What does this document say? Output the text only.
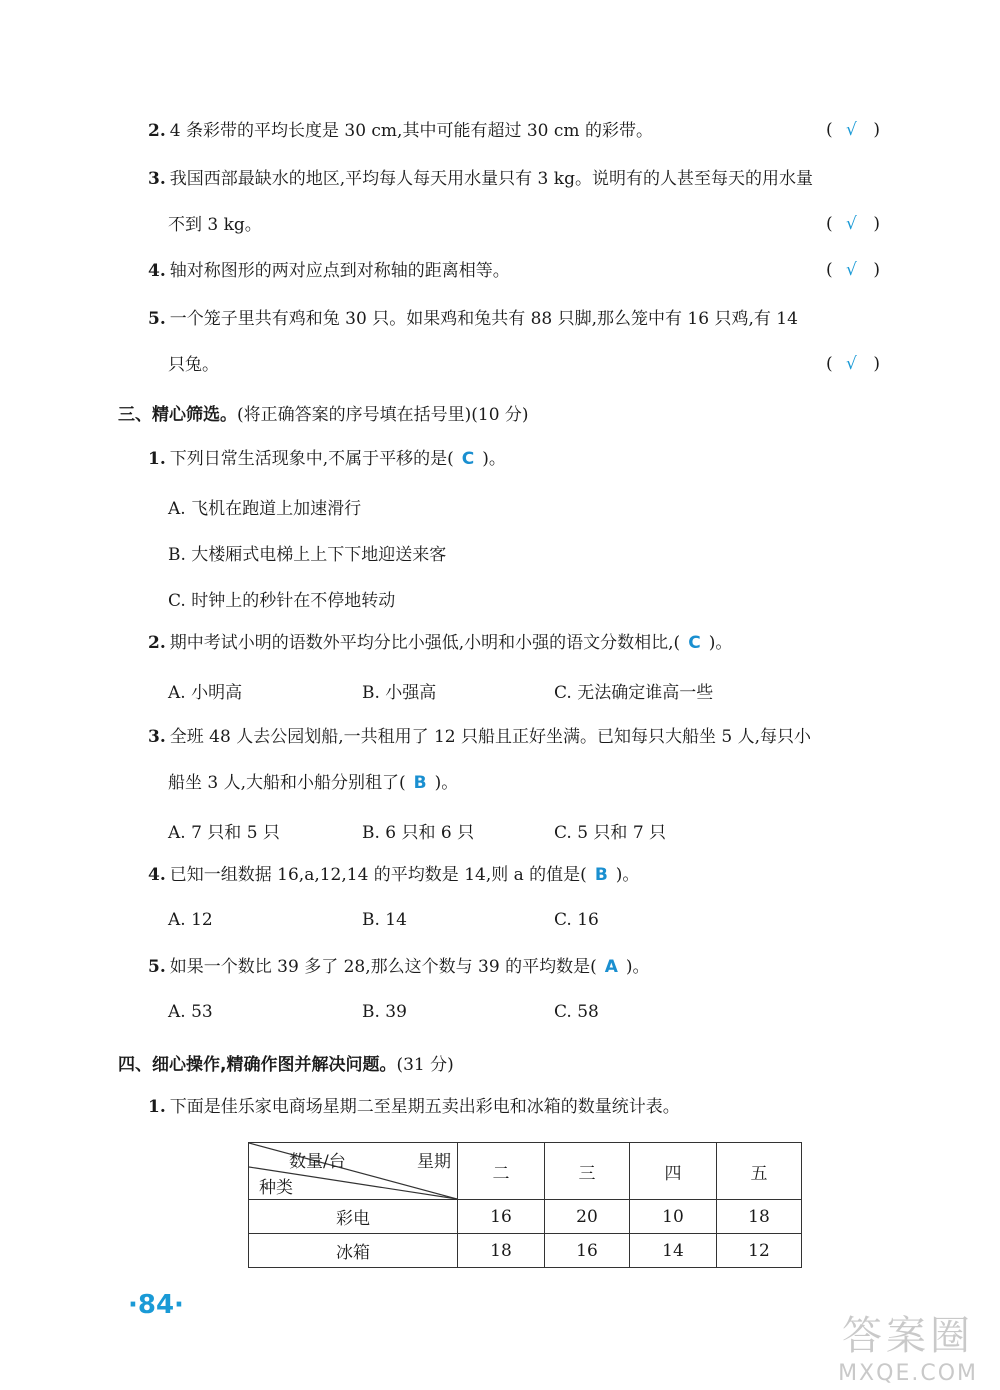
2. 4 条彩带的平均长度是 30 cm,其中可能有超过 30 cm 的彩带。	( √ )
3. 我国西部最缺水的地区,平均每人每天用水量只有 3 kg。说明有的人甚至每天的用水量
不到 3 kg。	( √ )
4. 轴对称图形的两对应点到对称轴的距离相等。	( √ )
5. 一个笼子里共有鸡和兔 30 只。如果鸡和兔共有 88 只脚,那么笼中有 16 只鸡,有 14
只兔。	( √ )
三、精心筛选。(将正确答案的序号填在括号里)(10 分)
1. 下列日常生活现象中,不属于平移的是( C )。
A. 飞机在跑道上加速滑行
B. 大楼厢式电梯上上下下地迎送来客
C. 时钟上的秒针在不停地转动
2. 期中考试小明的语数外平均分比小强低,小明和小强的语文分数相比,( C )。
A. 小明高	B. 小强高	C. 无法确定谁高一些
3. 全班 48 人去公园划船,一共租用了 12 只船且正好坐满。已知每只大船坐 5 人,每只小
船坐 3 人,大船和小船分别租了( B )。
A. 7 只和 5 只	B. 6 只和 6 只	C. 5 只和 7 只
4. 已知一组数据 16,a,12,14 的平均数是 14,则 a 的值是( B )。
A. 12	B. 14	C. 16
5. 如果一个数比 39 多了 28,那么这个数与 39 的平均数是( A )。
A. 53	B. 39	C. 58
四、细心操作,精确作图并解决问题。(31 分)
1. 下面是佳乐家电商场星期二至星期五卖出彩电和冰箱的数量统计表。
数量/台 星期
种类	二	三	四	五
彩电	16	20	10	18
冰箱	18	16	14	12
·84·
答案圈
MXQE.COM
